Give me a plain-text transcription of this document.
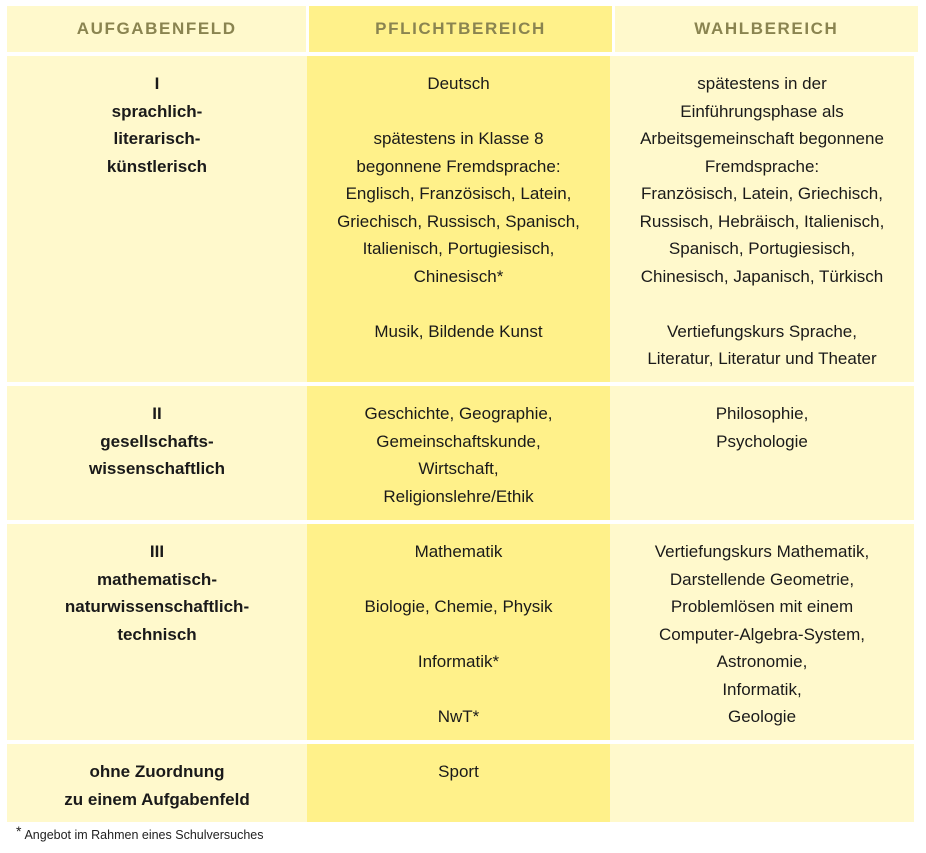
AUFGABENFELD	PFLICHTBEREICH	WAHLBEREICH
I
sprachlich-
literarisch-
künstlerisch
Deutsch
spätestens in Klasse 8
begonnene Fremdsprache:
Englisch, Französisch, Latein,
Griechisch, Russisch, Spanisch,
Italienisch, Portugiesisch,
Chinesisch*
Musik, Bildende Kunst
spätestens in der
Einführungsphase als
Arbeitsgemeinschaft begonnene
Fremdsprache:
Französisch, Latein, Griechisch,
Russisch, Hebräisch, Italienisch,
Spanisch, Portugiesisch,
Chinesisch, Japanisch, Türkisch
Vertiefungskurs Sprache,
Literatur, Literatur und Theater
II
gesellschafts-
wissenschaftlich
Geschichte, Geographie,
Gemeinschaftskunde,
Wirtschaft,
Religionslehre/Ethik
Philosophie,
Psychologie
III
mathematisch-
naturwissenschaftlich-
technisch
Mathematik
Biologie, Chemie, Physik
Informatik*
NwT*
Vertiefungskurs Mathematik,
Darstellende Geometrie,
Problemlösen mit einem
Computer-Algebra-System,
Astronomie,
Informatik,
Geologie
ohne Zuordnung
zu einem Aufgabenfeld
Sport
* Angebot im Rahmen eines Schulversuches
